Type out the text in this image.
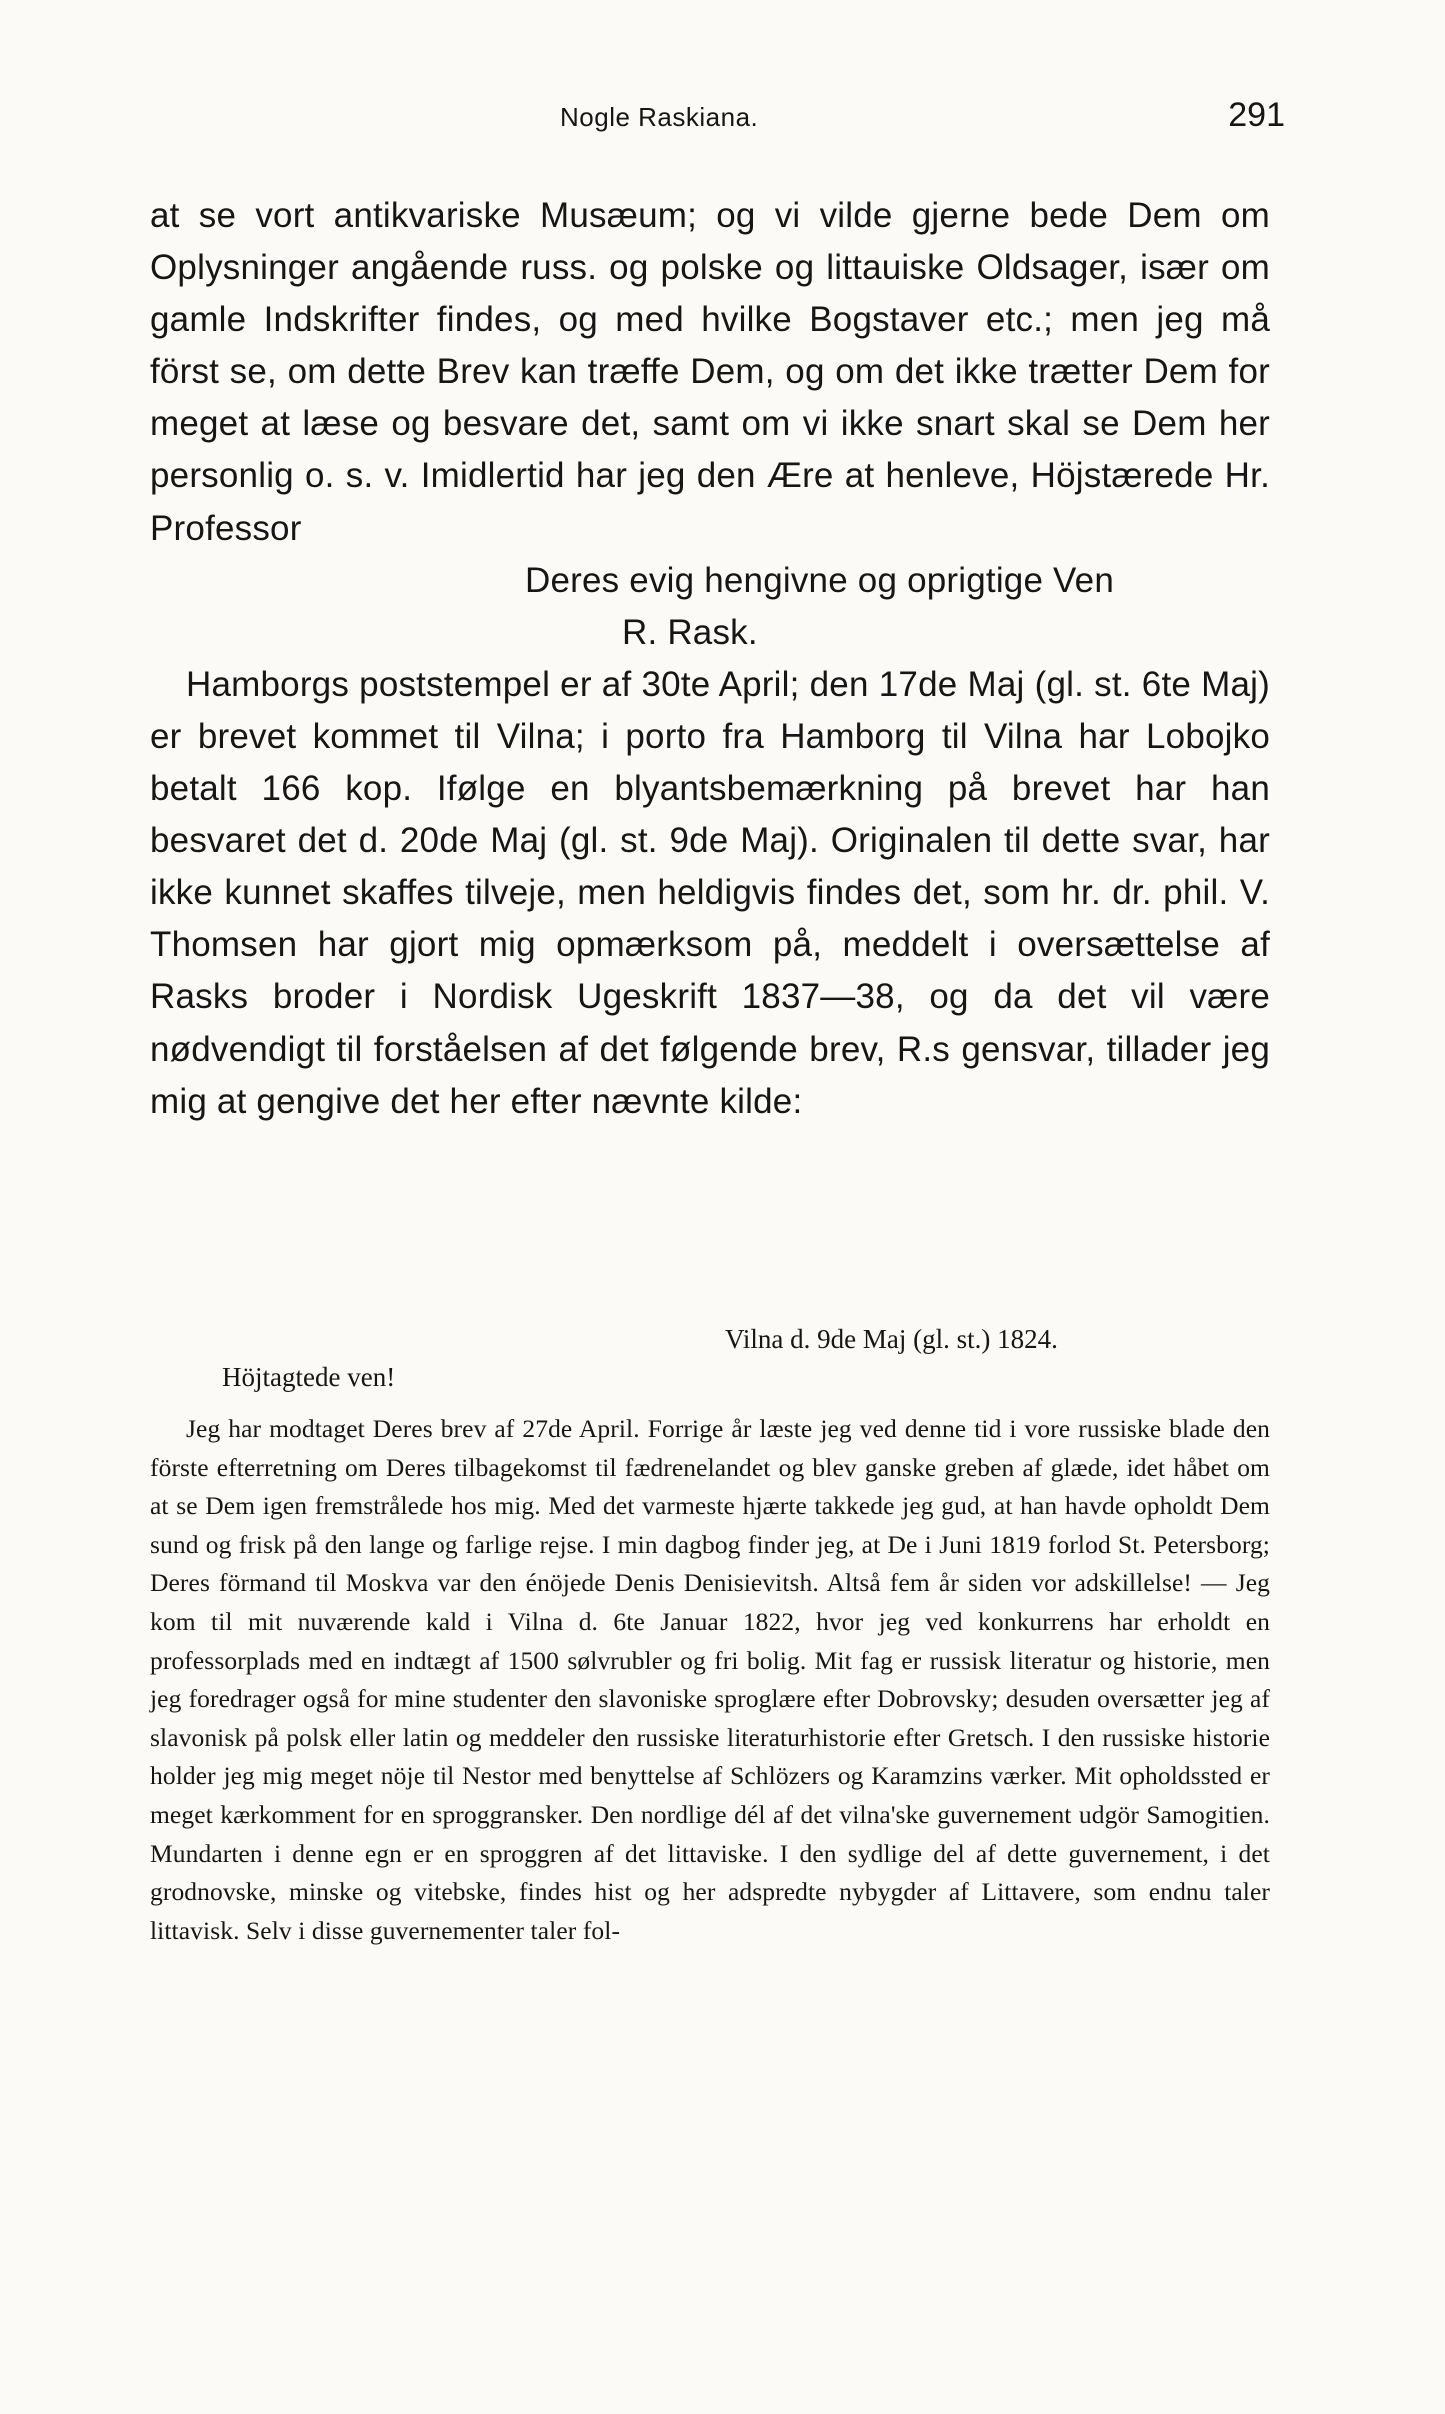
Nogle Raskiana.	291

at se vort antikvariske Musæum; og vi vilde gjerne bede Dem om Oplysninger angående russ. og polske og littauiske Oldsager, især om gamle Indskrifter findes, og med hvilke Bogstaver etc.; men jeg må först se, om dette Brev kan træffe Dem, og om det ikke trætter Dem for meget at læse og besvare det, samt om vi ikke snart skal se Dem her personlig o. s. v. Imidlertid har jeg den Ære at henleve, Höjstærede Hr. Professor

Deres evig hengivne og oprigtige Ven

R. Rask.

Hamborgs poststempel er af 30te April; den 17de Maj (gl. st. 6te Maj) er brevet kommet til Vilna; i porto fra Hamborg til Vilna har Lobojko betalt 166 kop. Ifølge en blyantsbemærkning på brevet har han besvaret det d. 20de Maj (gl. st. 9de Maj). Originalen til dette svar, har ikke kunnet skaffes tilveje, men heldigvis findes det, som hr. dr. phil. V. Thomsen har gjort mig opmærksom på, meddelt i oversættelse af Rasks broder i Nordisk Ugeskrift 1837—38, og da det vil være nødvendigt til forståelsen af det følgende brev, R.s gensvar, tillader jeg mig at gengive det her efter nævnte kilde:

Vilna d. 9de Maj (gl. st.) 1824.
Höjtagtede ven!
Jeg har modtaget Deres brev af 27de April. Forrige år læste jeg ved denne tid i vore russiske blade den förste efterretning om Deres tilbagekomst til fædrenelandet og blev ganske greben af glæde, idet håbet om at se Dem igen fremstrålede hos mig. Med det varmeste hjærte takkede jeg gud, at han havde opholdt Dem sund og frisk på den lange og farlige rejse. I min dagbog finder jeg, at De i Juni 1819 forlod St. Petersborg; Deres förmand til Moskva var den énöjede Denis Denisievitsh. Altså fem år siden vor adskillelse! — Jeg kom til mit nuværende kald i Vilna d. 6te Januar 1822, hvor jeg ved konkurrens har erholdt en professorplads med en indtægt af 1500 sølvrubler og fri bolig. Mit fag er russisk literatur og historie, men jeg foredrager også for mine studenter den slavoniske sproglære efter Dobrovsky; desuden oversætter jeg af slavonisk på polsk eller latin og meddeler den russiske literaturhistorie efter Gretsch. I den russiske historie holder jeg mig meget nöje til Nestor med benyttelse af Schlözers og Karamzins værker. Mit opholdssted er meget kærkomment for en sproggransker. Den nordlige dél af det vilna'ske guvernement udgör Samogitien. Mundarten i denne egn er en sproggren af det littaviske. I den sydlige del af dette guvernement, i det grodnovske, minske og vitebske, findes hist og her adspredte nybygder af Littavere, som endnu taler littavisk. Selv i disse guvernementer taler fol-
